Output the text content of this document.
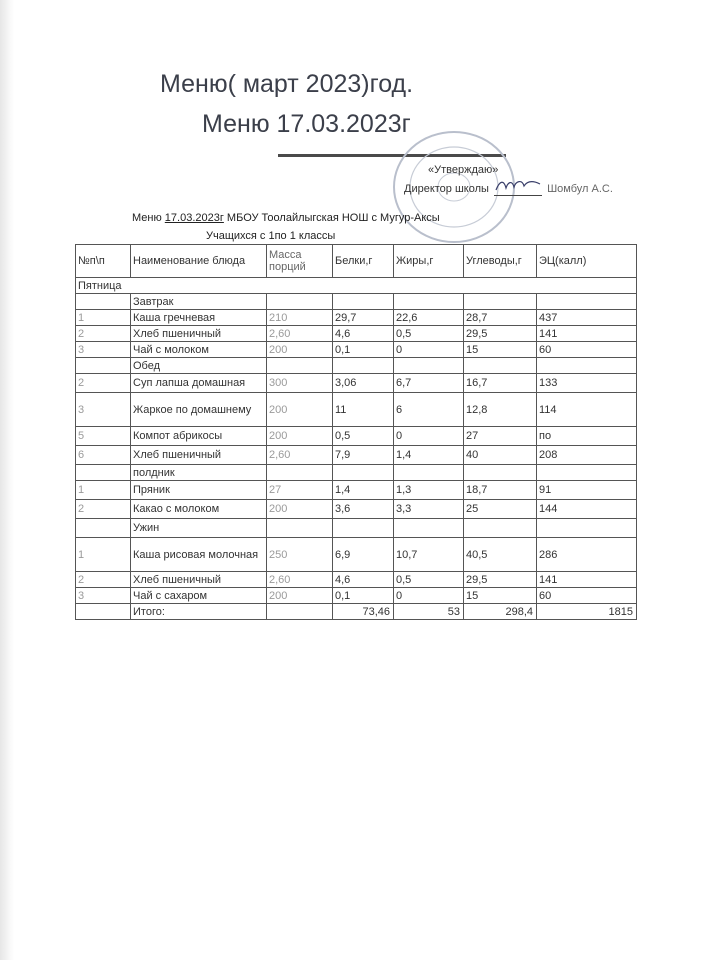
Меню( март 2023)год.
Меню 17.03.2023г
«Утверждаю»
Директор школы	Шомбул А.С.
Меню 17.03.2023г МБОУ Тоолайлыгская НОШ с Мугур-Аксы
Учащихся с 1по 1 классы
№п\п	Наименование блюда	Масса порций	Белки,г	Жиры,г	Углеводы,г	ЭЦ(калл)
Пятница						
	Завтрак					
1	Каша гречневая	210	29,7	22,6	28,7	437
2	Хлеб пшеничный	2,60	4,6	0,5	29,5	141
3	Чай с молоком	200	0,1	0	15	60
	Обед					
2	Суп лапша домашная	300	3,06	6,7	16,7	133
3	Жаркое по домашнему	200	11	6	12,8	114
5	Компот абрикосы	200	0,5	0	27	по
6	Хлеб пшеничный	2,60	7,9	1,4	40	208
	полдник					
1	Пряник	27	1,4	1,3	18,7	91
2	Какао с молоком	200	3,6	3,3	25	144
	Ужин					
1	Каша рисовая молочная	250	6,9	10,7	40,5	286
2	Хлеб пшеничный	2,60	4,6	0,5	29,5	141
3	Чай с сахаром	200	0,1	0	15	60
	Итого:		73,46	53	298,4	1815
